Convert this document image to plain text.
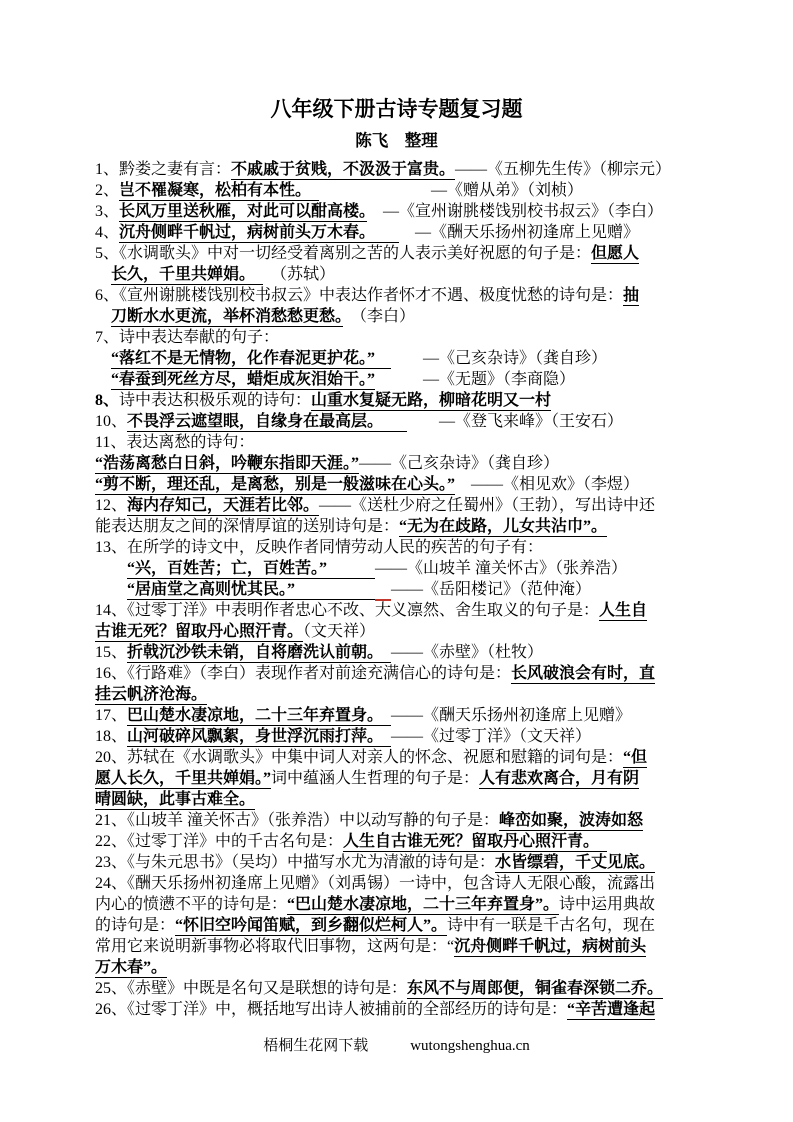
八年级下册古诗专题复习题
陈飞　整理
1、黔娄之妻有言：不戚戚于贫贱，不汲汲于富贵。——《五柳先生传》（柳宗元）
2、岂不罹凝寒，松柏有本性。　　　　　　　　—《赠从弟》（刘桢）
3、长风万里送秋雁，对此可以酣高楼。　—《宣州谢朓楼饯别校书叔云》（李白）
4、沉舟侧畔千帆过，病树前头万木春。　　　—《酬天乐扬州初逢席上见赠》
5、《水调歌头》中对一切经受着离别之苦的人表示美好祝愿的句子是：但愿人
　长久，千里共婵娟。　　（苏轼）
6、《宣州谢朓楼饯别校书叔云》中表达作者怀才不遇、极度忧愁的诗句是：抽
　刀断水水更流，举杯消愁愁更愁。　（李白）
7、诗中表达奉献的句子：
　“落红不是无情物，化作春泥更护花。”　　　—《己亥杂诗》（龚自珍）
　“春蚕到死丝方尽，蜡炬成灰泪始干。”　　　—《无题》（李商隐）
8、诗中表达积极乐观的诗句：山重水复疑无路，柳暗花明又一村
10、不畏浮云遮望眼，自缘身在最高层。　　　　—《登飞来峰》（王安石）
11、表达离愁的诗句：
“浩荡离愁白日斜，吟鞭东指即天涯。”——《己亥杂诗》（龚自珍）
“剪不断，理还乱，是离愁，别是一般滋味在心头。”　——《相见欢》（李煜）
12、海内存知己，天涯若比邻。——《送杜少府之任蜀州》（王勃），写出诗中还
能表达朋友之间的深情厚谊的送别诗句是：“无为在歧路，儿女共沾巾”。
13、在所学的诗文中，反映作者同情劳动人民的疾苦的句子有：
　　“兴，百姓苦；亡，百姓苦。”　　　——《山坡羊 潼关怀古》（张养浩）
　　“居庙堂之高则忧其民。”　　　　　　——《岳阳楼记》（范仲淹）
14、《过零丁洋》中表明作者忠心不改、大义凛然、舍生取义的句子是：人生自
古谁无死？留取丹心照汗青。（文天祥）
15、折戟沉沙铁未销，自将磨洗认前朝。　——《赤壁》（杜牧）
16、《行路难》（李白）表现作者对前途充满信心的诗句是：长风破浪会有时，直
挂云帆济沧海。
17、巴山楚水凄凉地，二十三年弃置身。　——《酬天乐扬州初逢席上见赠》
18、山河破碎风飘絮，身世浮沉雨打萍。　——《过零丁洋》（文天祥）
20、苏轼在《水调歌头》中集中词人对亲人的怀念、祝愿和慰籍的词句是：“但
愿人长久，千里共婵娟。”词中蕴涵人生哲理的句子是：人有悲欢离合，月有阴
晴圆缺，此事古难全。
21、《山坡羊 潼关怀古》（张养浩）中以动写静的句子是：峰峦如聚，波涛如怒
22、《过零丁洋》中的千古名句是：人生自古谁无死？留取丹心照汗青。　
23、《与朱元思书》（吴均）中描写水尤为清澈的诗句是：水皆缥碧，千丈见底。
24、《酬天乐扬州初逢席上见赠》（刘禹锡）一诗中，包含诗人无限心酸，流露出
内心的愤懑不平的诗句是：“巴山楚水凄凉地，二十三年弃置身”。诗中运用典故
的诗句是：“怀旧空吟闻笛赋，到乡翻似烂柯人”。诗中有一联是千古名句，现在
常用它来说明新事物必将取代旧事物，这两句是：“沉舟侧畔千帆过，病树前头
万木春”。
25、《赤壁》中既是名句又是联想的诗句是：东风不与周郎便，铜雀春深锁二乔。
26、《过零丁洋》中，概括地写出诗人被捕前的全部经历的诗句是：“辛苦遭逢起
梧桐生花网下载	wutongshenghua.cn
